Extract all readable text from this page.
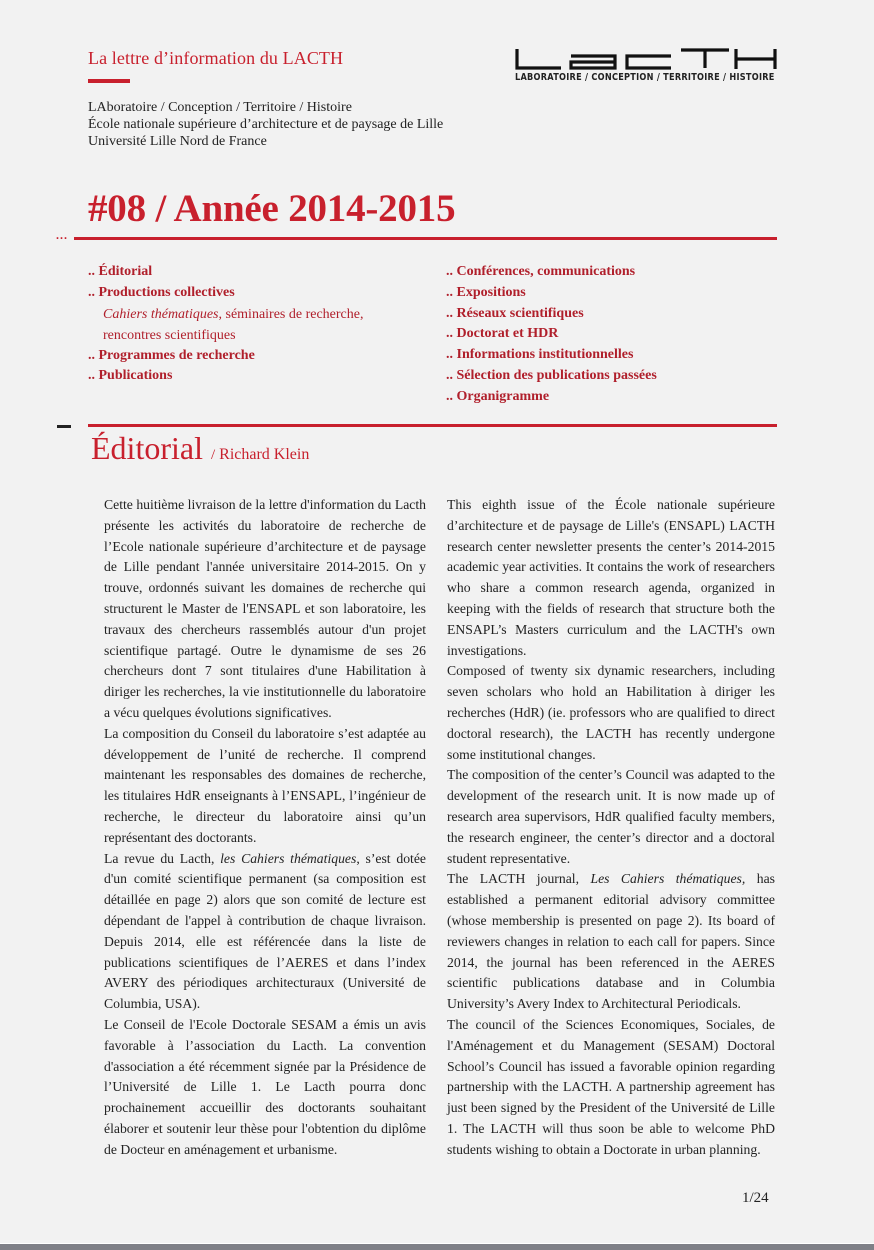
La lettre d’information du LACTH
LAboratoire / Conception / Territoire / Histoire
École nationale supérieure d’architecture et de paysage de Lille
Université Lille Nord de France
LABORATOIRE / CONCEPTION / TERRITOIRE / HISTOIRE
#08 / Année 2014-2015
...
.. Éditorial
.. Productions collectives
Cahiers thématiques, séminaires de recherche,
rencontres scientifiques
.. Programmes de recherche
.. Publications
.. Conférences, communications
.. Expositions
.. Réseaux scientifiques
.. Doctorat et HDR
.. Informations institutionnelles
.. Sélection des publications passées
.. Organigramme
Éditorial / Richard Klein

Cette huitième livraison de la lettre d'information du Lacth présente les activités du laboratoire de recherche de l’Ecole nationale supérieure d’architecture et de paysage de Lille pendant l'année universitaire 2014-2015. On y trouve, ordonnés suivant les domaines de recherche qui structurent le Master de l'ENSAPL et son laboratoire, les travaux des chercheurs rassemblés autour d'un projet scientifique partagé. Outre le dynamisme de ses 26 chercheurs dont 7 sont titulaires d'une Habilitation à diriger les recherches, la vie institutionnelle du laboratoire a vécu quelques évolutions significatives.

La composition du Conseil du laboratoire s’est adaptée au développement de l’unité de recherche. Il comprend maintenant les responsables des domaines de recherche, les titulaires HdR enseignants à l’ENSAPL, l’ingénieur de recherche, le directeur du laboratoire ainsi qu’un représentant des doctorants.

La revue du Lacth, les Cahiers thématiques, s’est dotée d'un comité scientifique permanent (sa composition est détaillée en page 2) alors que son comité de lecture est dépendant de l'appel à contribution de chaque livraison. Depuis 2014, elle est référencée dans la liste de publications scientifiques de l’AERES et dans l’index AVERY des périodiques architecturaux (Université de Columbia, USA).

Le Conseil de l'Ecole Doctorale SESAM a émis un avis favorable à l’association du Lacth. La convention d'association a été récemment signée par la Présidence de l’Université de Lille 1. Le Lacth pourra donc prochainement accueillir des doctorants souhaitant élaborer et soutenir leur thèse pour l'obtention du diplôme de Docteur en aménagement et urbanisme.

This eighth issue of the École nationale supérieure d’architecture et de paysage de Lille's (ENSAPL) LACTH research center newsletter presents the center’s 2014-2015 academic year activities. It contains the work of researchers who share a common research agenda, organized in keeping with the fields of research that structure both the ENSAPL’s Masters curriculum and the LACTH's own investigations.

Composed of twenty six dynamic researchers, including seven scholars who hold an Habilitation à diriger les recherches (HdR) (ie. professors who are qualified to direct doctoral research), the LACTH has recently undergone some institutional changes.

The composition of the center’s Council was adapted to the development of the research unit. It is now made up of research area supervisors, HdR qualified faculty members, the research engineer, the center’s director and a doctoral student representative.

The LACTH journal, Les Cahiers thématiques, has established a permanent editorial advisory committee (whose membership is presented on page 2). Its board of reviewers changes in relation to each call for papers. Since 2014, the journal has been referenced in the AERES scientific publications database and in Columbia University’s Avery Index to Architectural Periodicals.

The council of the Sciences Economiques, Sociales, de l'Aménagement et du Management (SESAM) Doctoral School’s Council has issued a favorable opinion regarding partnership with the LACTH. A partnership agreement has just been signed by the President of the Université de Lille 1. The LACTH will thus soon be able to welcome PhD students wishing to obtain a Doctorate in urban planning.

1/24
